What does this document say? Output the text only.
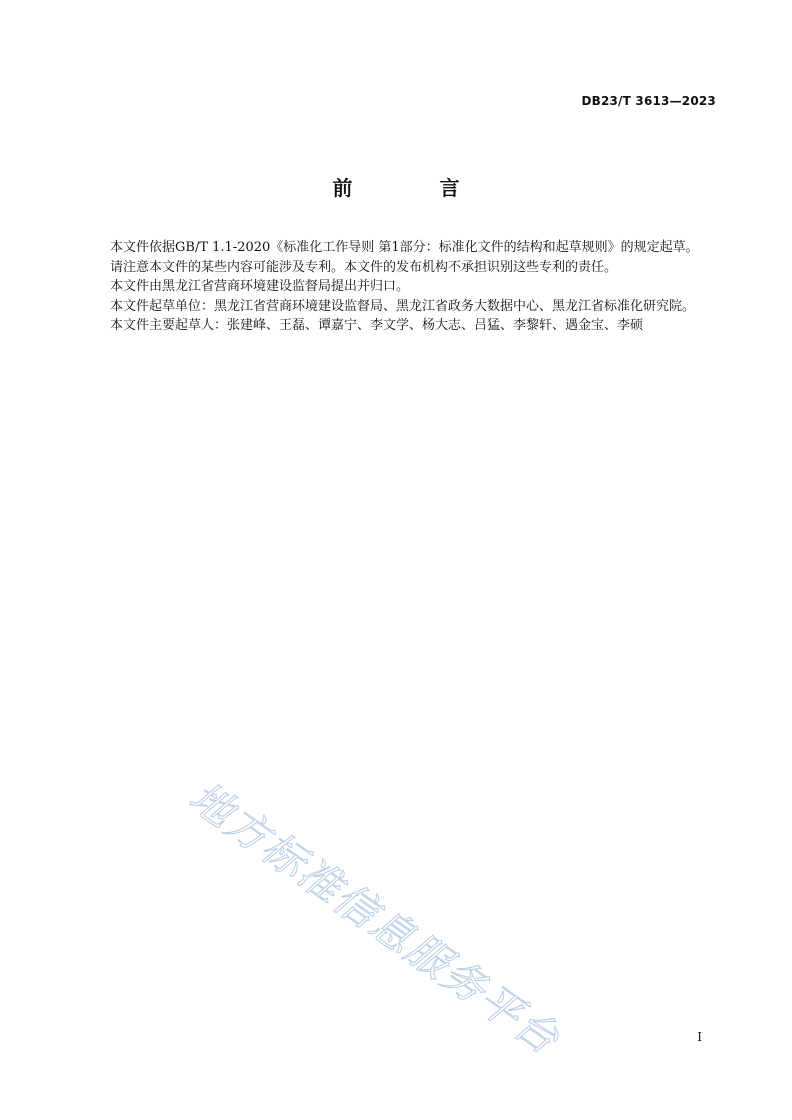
DB23/T 3613—2023
前 言

本文件依据GB/T 1.1-2020《标准化工作导则 第1部分：标准化文件的结构和起草规则》的规定起草。

请注意本文件的某些内容可能涉及专利。本文件的发布机构不承担识别这些专利的责任。

本文件由黑龙江省营商环境建设监督局提出并归口。

本文件起草单位：黑龙江省营商环境建设监督局、黑龙江省政务大数据中心、黑龙江省标准化研究院。

本文件主要起草人：张建峰、王磊、谭嘉宁、李文学、杨大志、吕猛、李黎轩、遇金宝、李硕

地方标准信息服务平台	I
